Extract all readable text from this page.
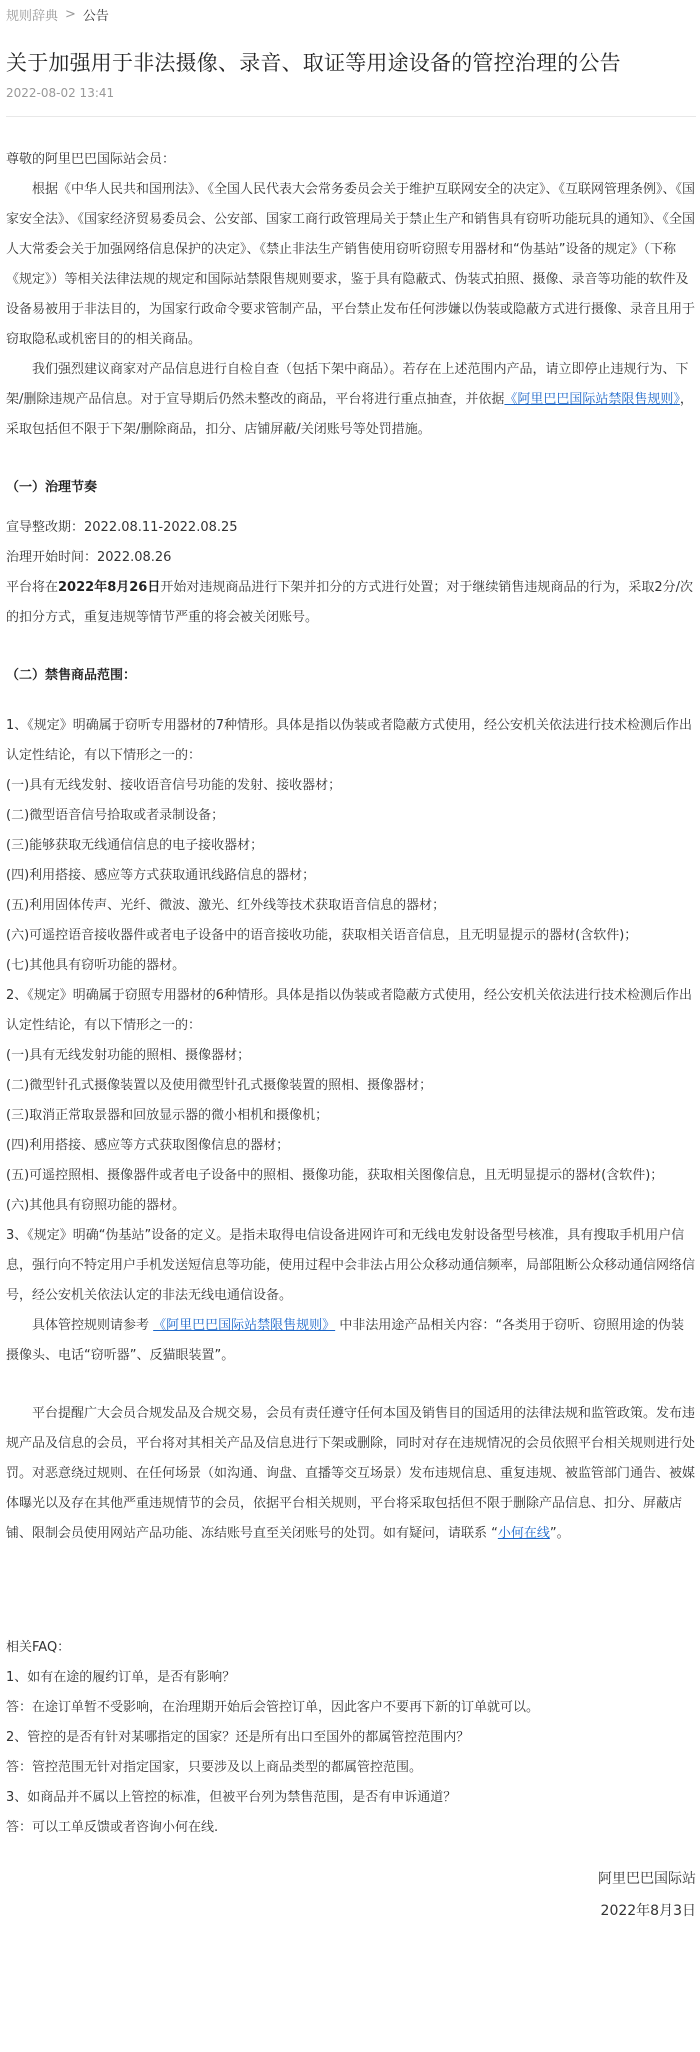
规则辞典 > 公告
关于加强用于非法摄像、录音、取证等用途设备的管控治理的公告
2022-08-02 13:41

尊敬的阿里巴巴国际站会员：

根据《中华人民共和国刑法》、《全国人民代表大会常务委员会关于维护互联网安全的决定》、《互联网管理条例》、《国家安全法》、《国家经济贸易委员会、公安部、国家工商行政管理局关于禁止生产和销售具有窃听功能玩具的通知》、《全国人大常委会关于加强网络信息保护的决定》、《禁止非法生产销售使用窃听窃照专用器材和“伪基站”设备的规定》（下称《规定》）等相关法律法规的规定和国际站禁限售规则要求，鉴于具有隐蔽式、伪装式拍照、摄像、录音等功能的软件及设备易被用于非法目的，为国家行政命令要求管制产品，平台禁止发布任何涉嫌以伪装或隐蔽方式进行摄像、录音且用于窃取隐私或机密目的的相关商品。

我们强烈建议商家对产品信息进行自检自查（包括下架中商品）。若存在上述范围内产品，请立即停止违规行为、下架/删除违规产品信息。对于宣导期后仍然未整改的商品，平台将进行重点抽查，并依据《阿里巴巴国际站禁限售规则》，采取包括但不限于下架/删除商品，扣分、店铺屏蔽/关闭账号等处罚措施。

（一）治理节奏

宣导整改期：2022.08.11-2022.08.25

治理开始时间：2022.08.26

平台将在2022年8月26日开始对违规商品进行下架并扣分的方式进行处置；对于继续销售违规商品的行为，采取2分/次的扣分方式，重复违规等情节严重的将会被关闭账号。

（二）禁售商品范围：

1、《规定》明确属于窃听专用器材的7种情形。具体是指以伪装或者隐蔽方式使用，经公安机关依法进行技术检测后作出认定性结论，有以下情形之一的：

(一)具有无线发射、接收语音信号功能的发射、接收器材；

(二)微型语音信号拾取或者录制设备；

(三)能够获取无线通信信息的电子接收器材；

(四)利用搭接、感应等方式获取通讯线路信息的器材；

(五)利用固体传声、光纤、微波、激光、红外线等技术获取语音信息的器材；

(六)可遥控语音接收器件或者电子设备中的语音接收功能，获取相关语音信息，且无明显提示的器材(含软件)；

(七)其他具有窃听功能的器材。

2、《规定》明确属于窃照专用器材的6种情形。具体是指以伪装或者隐蔽方式使用，经公安机关依法进行技术检测后作出认定性结论，有以下情形之一的：

(一)具有无线发射功能的照相、摄像器材；

(二)微型针孔式摄像装置以及使用微型针孔式摄像装置的照相、摄像器材；

(三)取消正常取景器和回放显示器的微小相机和摄像机；

(四)利用搭接、感应等方式获取图像信息的器材；

(五)可遥控照相、摄像器件或者电子设备中的照相、摄像功能，获取相关图像信息，且无明显提示的器材(含软件)；

(六)其他具有窃照功能的器材。

3、《规定》明确“伪基站”设备的定义。是指未取得电信设备进网许可和无线电发射设备型号核准，具有搜取手机用户信息，强行向不特定用户手机发送短信息等功能，使用过程中会非法占用公众移动通信频率，局部阻断公众移动通信网络信号，经公安机关依法认定的非法无线电通信设备。

具体管控规则请参考 《阿里巴巴国际站禁限售规则》 中非法用途产品相关内容：“各类用于窃听、窃照用途的伪装摄像头、电话“窃听器”、反猫眼装置”。

平台提醒广大会员合规发品及合规交易，会员有责任遵守任何本国及销售目的国适用的法律法规和监管政策。发布违规产品及信息的会员，平台将对其相关产品及信息进行下架或删除，同时对存在违规情况的会员依照平台相关规则进行处罚。对恶意绕过规则、在任何场景（如沟通、询盘、直播等交互场景）发布违规信息、重复违规、被监管部门通告、被媒体曝光以及存在其他严重违规情节的会员，依据平台相关规则，平台将采取包括但不限于删除产品信息、扣分、屏蔽店铺、限制会员使用网站产品功能、冻结账号直至关闭账号的处罚。如有疑问，请联系 “小何在线”。

相关FAQ：

1、如有在途的履约订单，是否有影响？

答：在途订单暂不受影响，在治理期开始后会管控订单，因此客户不要再下新的订单就可以。

2、管控的是否有针对某哪指定的国家？还是所有出口至国外的都属管控范围内？

答：管控范围无针对指定国家，只要涉及以上商品类型的都属管控范围。

3、如商品并不属以上管控的标准，但被平台列为禁售范围，是否有申诉通道？

答：可以工单反馈或者咨询小何在线.

阿里巴巴国际站
2022年8月3日
